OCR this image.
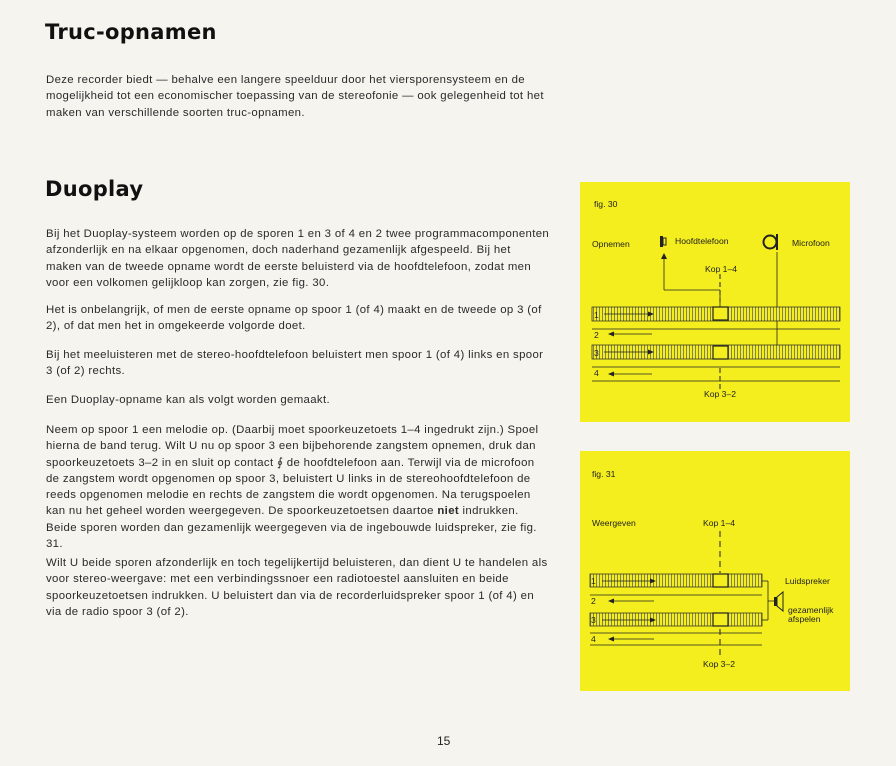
Truc-opnamen

Deze recorder biedt — behalve een langere speelduur door het viersporensysteem en de mogelijkheid tot een economischer toepassing van de stereofonie — ook gelegenheid tot het maken van verschillende soorten truc-opnamen.

Duoplay

Bij het Duoplay-systeem worden op de sporen 1 en 3 of 4 en 2 twee programmacomponenten afzonderlijk en na elkaar opgenomen, doch naderhand gezamenlijk afgespeeld. Bij het maken van de tweede opname wordt de eerste beluisterd via de hoofdtelefoon, zodat men voor een volkomen gelijkloop kan zorgen, zie fig. 30.

Het is onbelangrijk, of men de eerste opname op spoor 1 (of 4) maakt en de tweede op 3 (of 2), of dat men het in omgekeerde volgorde doet.

Bij het meeluisteren met de stereo-hoofdtelefoon beluistert men spoor 1 (of 4) links en spoor 3 (of 2) rechts.

Een Duoplay-opname kan als volgt worden gemaakt.

Neem op spoor 1 een melodie op. (Daarbij moet spoorkeuzetoets 1–4 ingedrukt zijn.) Spoel hierna de band terug. Wilt U nu op spoor 3 een bijbehorende zangstem opnemen, druk dan spoorkeuzetoets 3–2 in en sluit op contact ∮ de hoofdtelefoon aan. Terwijl via de microfoon de zangstem wordt opgenomen op spoor 3, beluistert U links in de stereohoofdtelefoon de reeds opgenomen melodie en rechts de zangstem die wordt opgenomen. Na terugspoelen kan nu het geheel worden weergegeven. De spoorkeuzetoetsen daartoe niet indrukken. Beide sporen worden dan gezamenlijk weergegeven via de ingebouwde luidspreker, zie fig. 31.

Wilt U beide sporen afzonderlijk en toch tegelijkertijd beluisteren, dan dient U te handelen als voor stereo-weergave: met een verbindingssnoer een radiotoestel aansluiten en beide spoorkeuzetoetsen indrukken. U beluistert dan via de recorderluidspreker spoor 1 (of 4) en via de radio spoor 3 (of 2).

fig. 30
Opnemen	Hoofdtelefoon	Microfoon
Kop 1–4
1
2
3
4
Kop 3–2
fig. 31
Weergeven	Kop 1–4
1
2
3
4
Luidspreker
gezamenlijk
afspelen
Kop 3–2
15
